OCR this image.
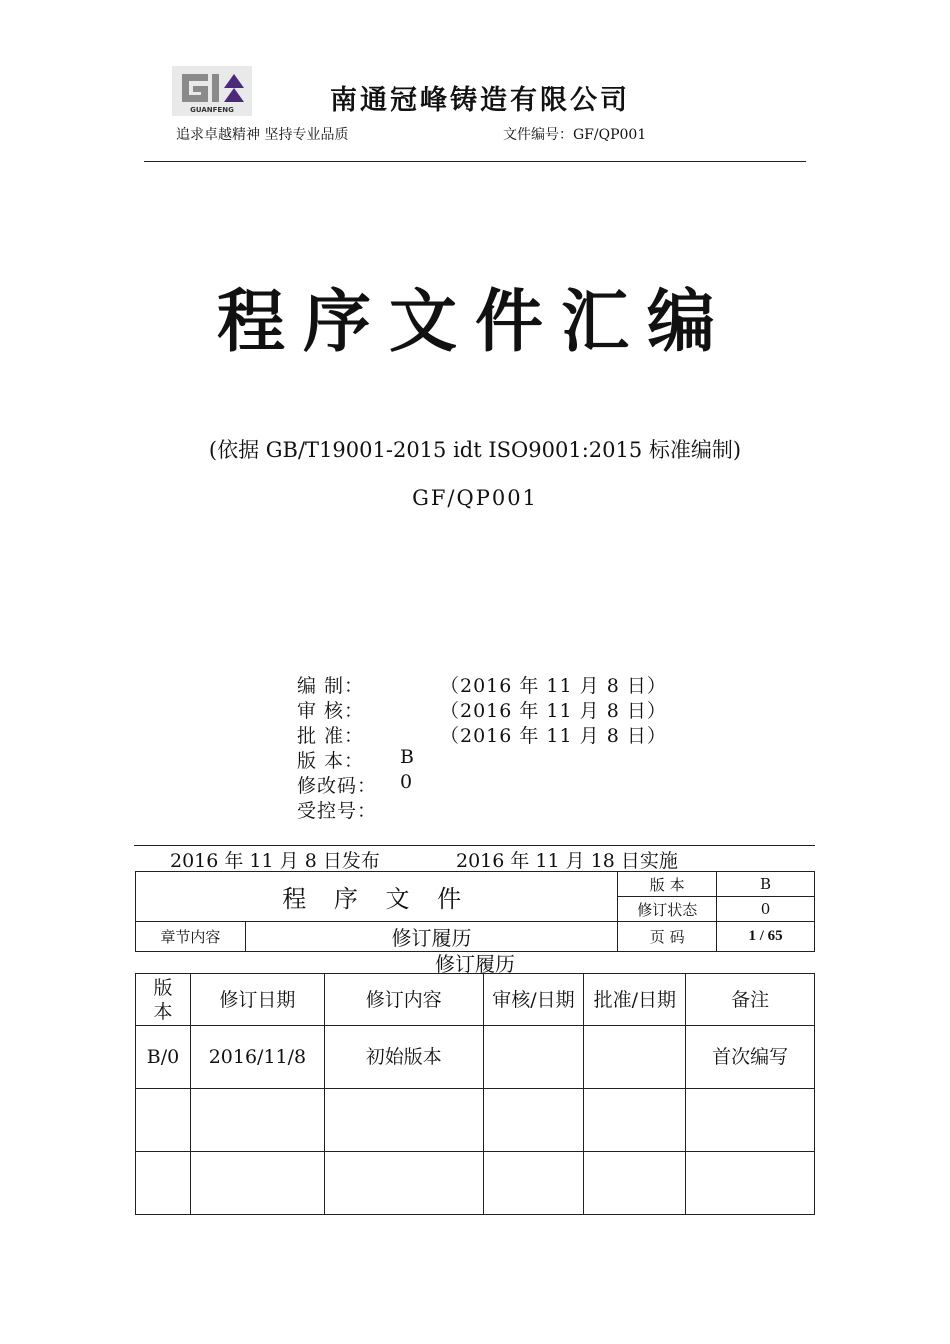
GUANFENG	南通冠峰铸造有限公司
追求卓越精神 坚持专业品质	文件编号：GF/QP001
程序文件汇编
(依据 GB/T19001-2015 idt ISO9001:2015 标准编制)
GF/QP001
编 制：	（2016 年 11 月 8 日）
审 核：	（2016 年 11 月 8 日）
批 准：	（2016 年 11 月 8 日）
版 本： B
修改码： 0
受控号：
2016 年 11 月 8 日发布	2016 年 11 月 18 日实施
程 序 文 件		版 本	B
		修订状态	0
章节内容	修订履历	页 码	1 / 65
修订履历
版本	修订日期	修订内容	审核/日期	批准/日期	备注
B/0	2016/11/8	初始版本			首次编写
